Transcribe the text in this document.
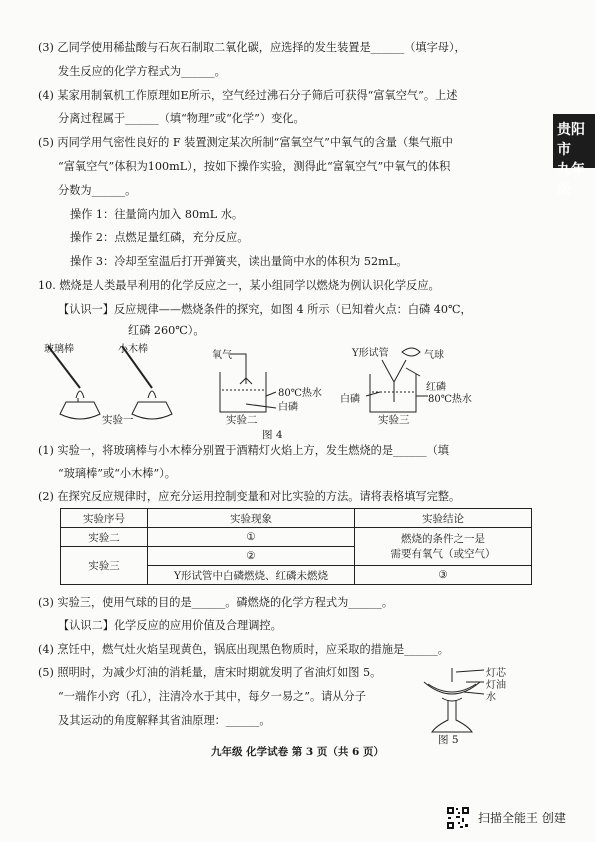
贵阳市
九年级
(3) 乙同学使用稀盐酸与石灰石制取二氧化碳，应选择的发生装置是______（填字母），
发生反应的化学方程式为______。
(4) 某家用制氧机工作原理如E所示，空气经过沸石分子筛后可获得“富氧空气”。上述
分离过程属于______（填“物理”或“化学”）变化。
(5) 丙同学用气密性良好的 F 装置测定某次所制“富氧空气”中氧气的含量（集气瓶中
“富氧空气”体积为100mL），按如下操作实验，测得此“富氧空气”中氧气的体积
分数为______。
操作 1：往量筒内加入 80mL 水。
操作 2：点燃足量红磷，充分反应。
操作 3：冷却至室温后打开弹簧夹，读出量筒中水的体积为 52mL。
10. 燃烧是人类最早利用的化学反应之一，某小组同学以燃烧为例认识化学反应。
【认识一】反应规律——燃烧条件的探究，如图 4 所示（已知着火点：白磷 40℃，
红磷 260℃）。
玻璃棒	小木棒
氧气
80℃热水
白磷
Y形试管	气球
红磷
白磷	80℃热水
实验一	实验二	实验三
图 4
(1) 实验一，将玻璃棒与小木棒分别置于酒精灯火焰上方，发生燃烧的是______（填
“玻璃棒”或“小木棒”）。
(2) 在探究反应规律时，应充分运用控制变量和对比实验的方法。请将表格填写完整。
实验序号	实验现象	实验结论
实验二	①	燃烧的条件之一是
需要有氧气（或空气）

实验三	②	
	Y形试管中白磷燃烧、红磷未燃烧	③
(3) 实验三，使用气球的目的是______。磷燃烧的化学方程式为______。
【认识二】化学反应的应用价值及合理调控。
(4) 烹饪中，燃气灶火焰呈现黄色，锅底出现黑色物质时，应采取的措施是______。
(5) 照明时，为减少灯油的消耗量，唐宋时期就发明了省油灯如图 5。
“一端作小窍（孔），注清冷水于其中，每夕一易之”。请从分子
及其运动的角度解释其省油原理：______。
灯芯
灯油
水
图 5
九年级 化学试卷 第 3 页（共 6 页）
扫描全能王 创建
